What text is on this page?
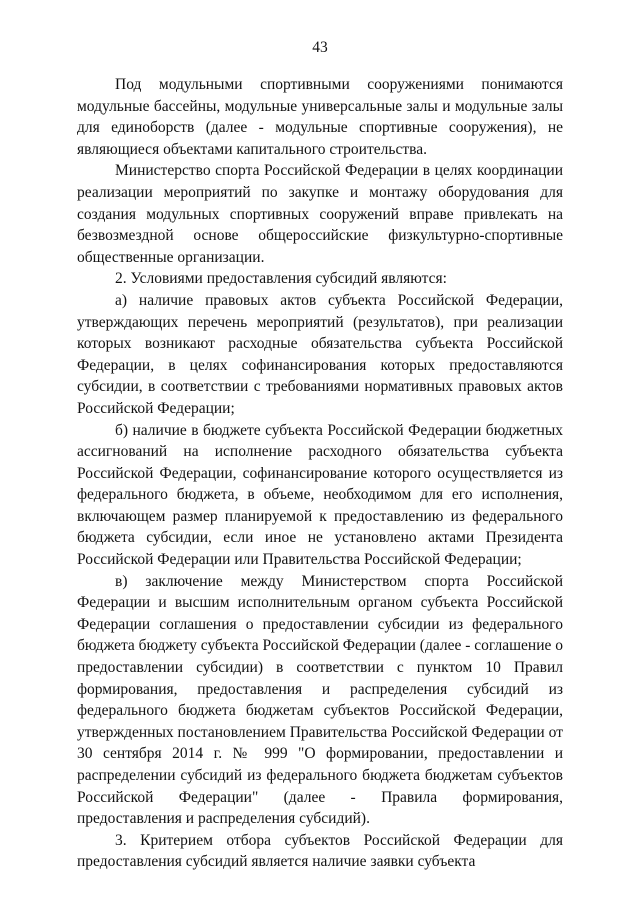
43

Под модульными спортивными сооружениями понимаются модульные бассейны, модульные универсальные залы и модульные залы для единоборств (далее - модульные спортивные сооружения), не являющиеся объектами капитального строительства.

Министерство спорта Российской Федерации в целях координации реализации мероприятий по закупке и монтажу оборудования для создания модульных спортивных сооружений вправе привлекать на безвозмездной основе общероссийские физкультурно-спортивные общественные организации.

2. Условиями предоставления субсидий являются:

а) наличие правовых актов субъекта Российской Федерации, утверждающих перечень мероприятий (результатов), при реализации которых возникают расходные обязательства субъекта Российской Федерации, в целях софинансирования которых предоставляются субсидии, в соответствии с требованиями нормативных правовых актов Российской Федерации;

б) наличие в бюджете субъекта Российской Федерации бюджетных ассигнований на исполнение расходного обязательства субъекта Российской Федерации, софинансирование которого осуществляется из федерального бюджета, в объеме, необходимом для его исполнения, включающем размер планируемой к предоставлению из федерального бюджета субсидии, если иное не установлено актами Президента Российской Федерации или Правительства Российской Федерации;

в) заключение между Министерством спорта Российской Федерации и высшим исполнительным органом субъекта Российской Федерации соглашения о предоставлении субсидии из федерального бюджета бюджету субъекта Российской Федерации (далее - соглашение о предоставлении субсидии) в соответствии с пунктом 10 Правил формирования, предоставления и распределения субсидий из федерального бюджета бюджетам субъектов Российской Федерации, утвержденных постановлением Правительства Российской Федерации от 30 сентября 2014 г. № 999 "О формировании, предоставлении и распределении субсидий из федерального бюджета бюджетам субъектов Российской Федерации" (далее - Правила формирования, предоставления и распределения субсидий).

3. Критерием отбора субъектов Российской Федерации для предоставления субсидий является наличие заявки субъекта
